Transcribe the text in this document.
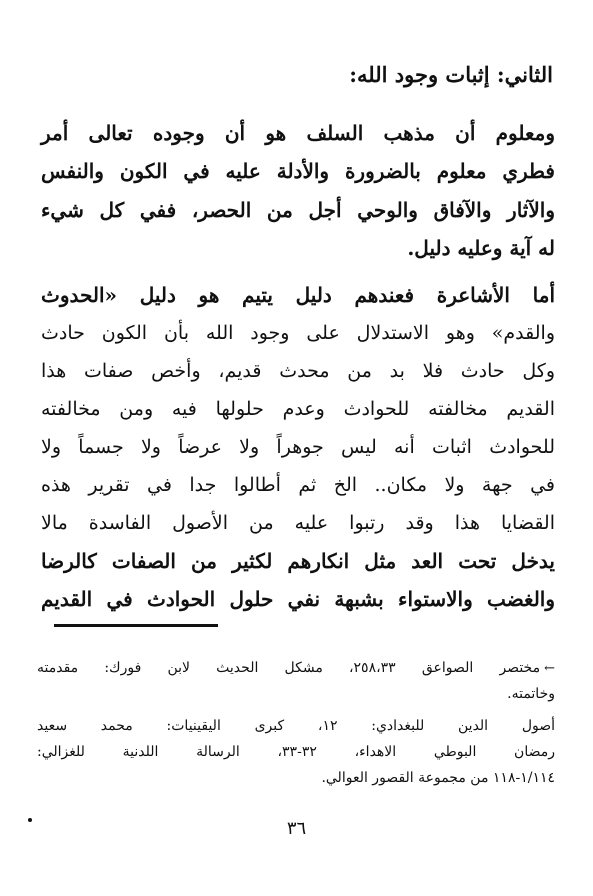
الثاني: إثبات وجود الله:
ومعلوم أن مذهب السلف هو أن وجوده تعالى أمر
فطري معلوم بالضرورة والأدلة عليه في الكون والنفس
والآثار والآفاق والوحي أجل من الحصر، ففي كل شيء
له آية وعليه دليل.
أما الأشاعرة فعندهم دليل يتيم هو دليل «الحدوث
والقدم» وهو الاستدلال على وجود الله بأن الكون حادث
وكل حادث فلا بد من محدث قديم، وأخص صفات هذا
القديم مخالفته للحوادث وعدم حلولها فيه ومن مخالفته
للحوادث اثبات أنه ليس جوهراً ولا عرضاً ولا جسماً ولا
في جهة ولا مكان.. الخ ثم أطالوا جدا في تقرير هذه
القضايا هذا وقد رتبوا عليه من الأصول الفاسدة مالا
يدخل تحت العد مثل انكارهم لكثير من الصفات كالرضا
والغضب والاستواء بشبهة نفي حلول الحوادث في القديم
←مختصر الصواعق ٢٥٨،٣٣، مشكل الحديث لابن فورك: مقدمته
وخاتمته.
أصول الدين للبغدادي: ١٢، كبرى اليقينيات: محمد سعيد
رمضان البوطي الاهداء، ٣٢-٣٣، الرسالة اللدنية للغزالي:
١/١١٤-١١٨ من مجموعة القصور العوالي.
٣٦
